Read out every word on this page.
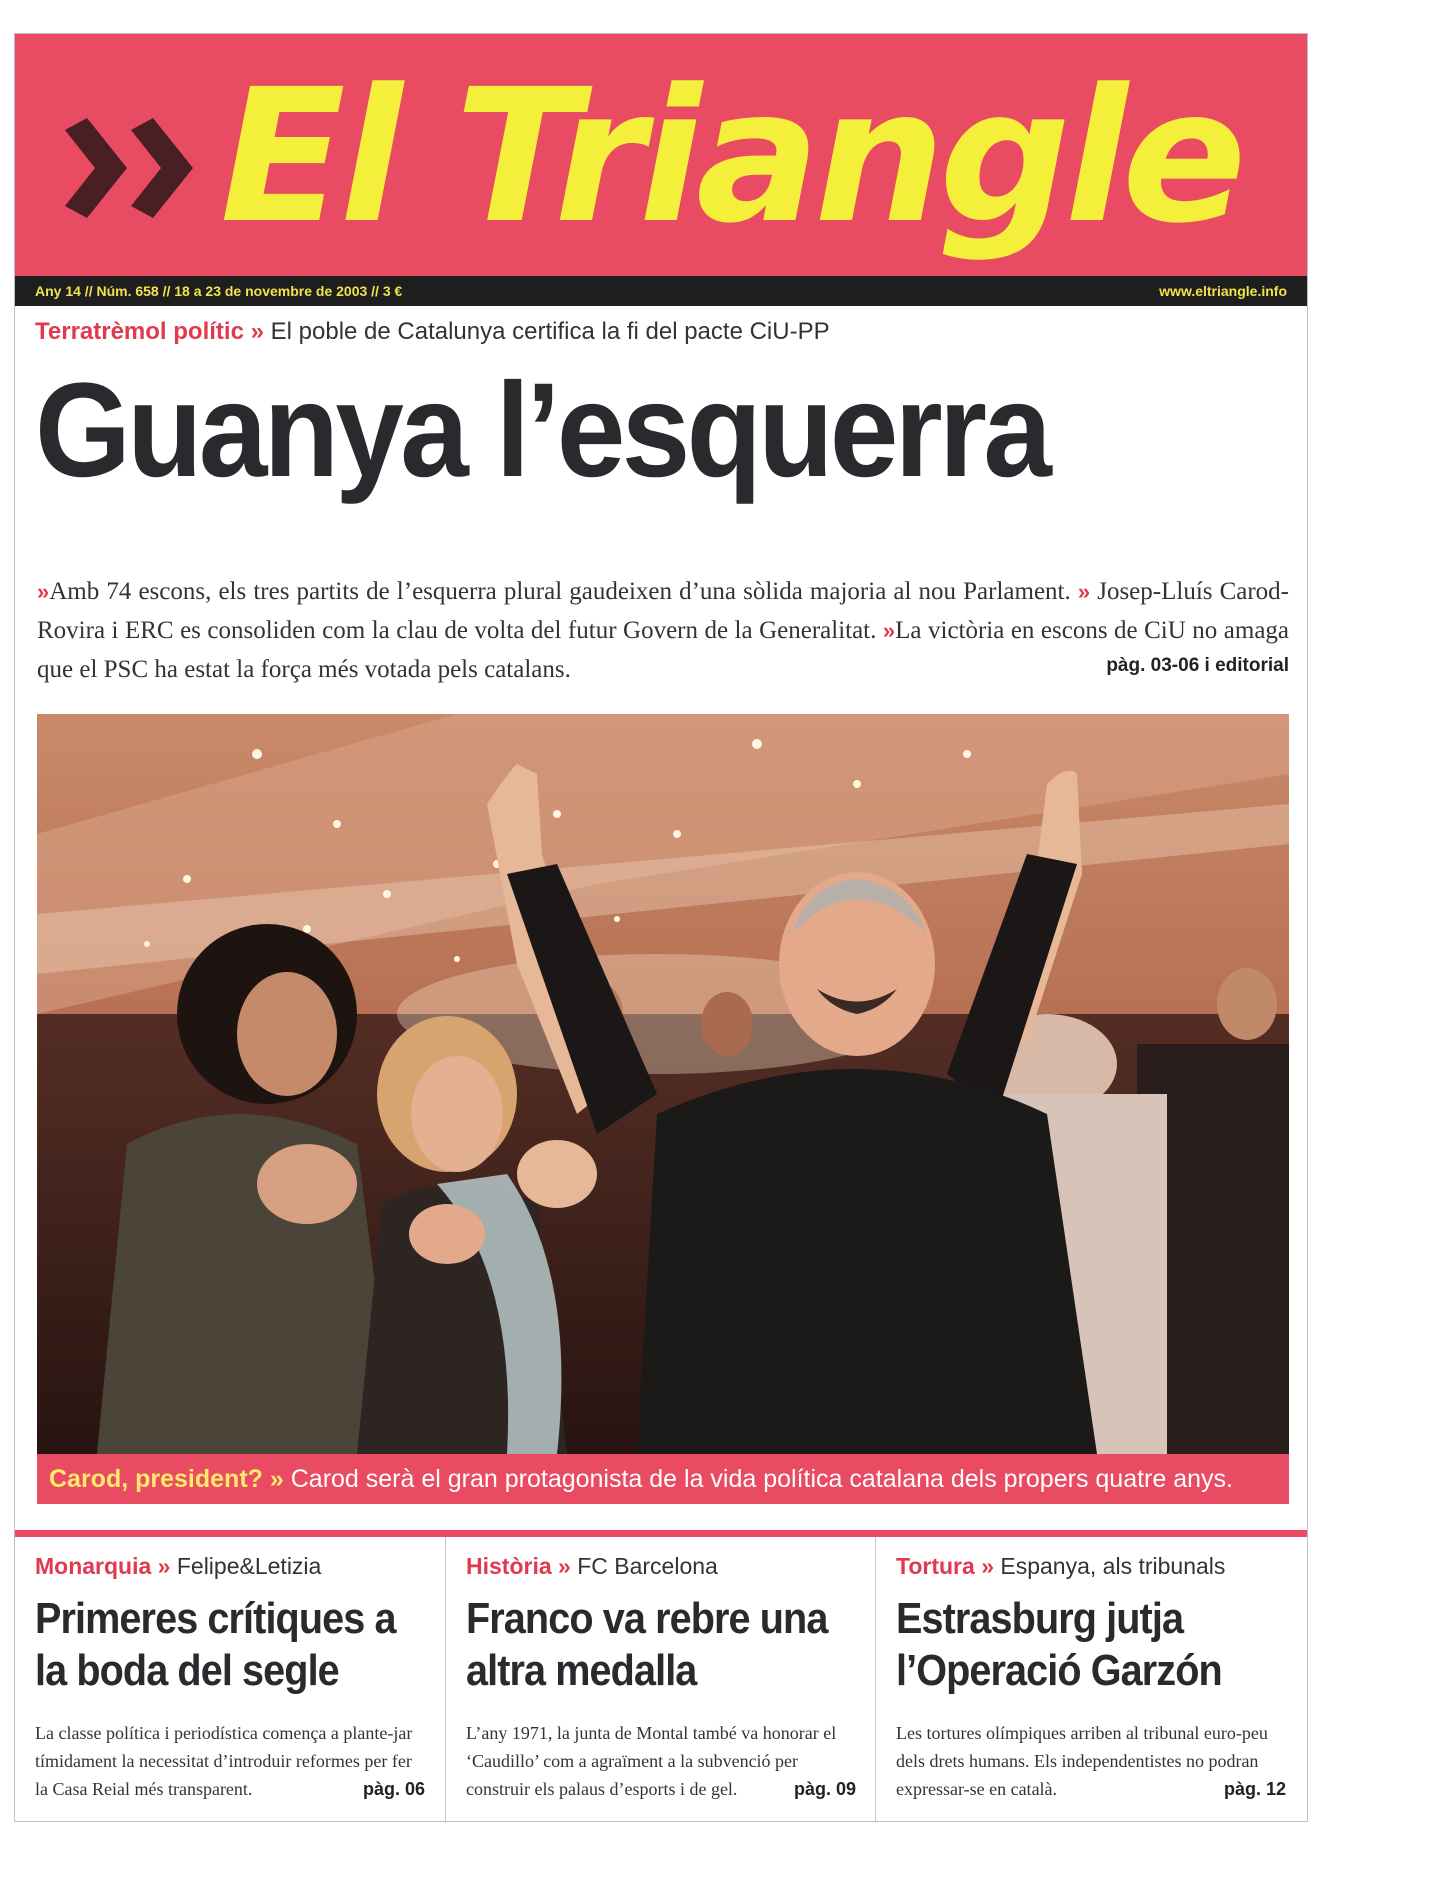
El Triangle
Any 14 // Núm. 658 // 18 a 23 de novembre de 2003 // 3 €	www.eltriangle.info
Terratrèmol polític » El poble de Catalunya certifica la fi del pacte CiU-PP
Guanya l’esquerra
»Amb 74 escons, els tres partits de l’esquerra plural gaudeixen d’una sòlida majoria al nou Parlament. » Josep-Lluís Carod-Rovira i ERC es consoliden com la clau de volta del futur Govern de la Generalitat. »La victòria en escons de CiU no amaga que el PSC ha estat la força més votada pels catalans.	pàg. 03-06 i editorial
Carod, president? » Carod serà el gran protagonista de la vida política catalana dels propers quatre anys.
Monarquia » Felipe&Letizia
Primeres crítiques a la boda del segle
La classe política i periodística comença a plante-jar tímidament la necessitat d’introduir reformes per fer la Casa Reial més transparent.	pàg. 06
Història » FC Barcelona
Franco va rebre una altra medalla
L’any 1971, la junta de Montal també va honorar el ‘Caudillo’ com a agraïment a la subvenció per construir els palaus d’esports i de gel.	pàg. 09
Tortura » Espanya, als tribunals
Estrasburg jutja l’Operació Garzón
Les tortures olímpiques arriben al tribunal euro-peu dels drets humans. Els independentistes no podran expressar-se en català.	pàg. 12
